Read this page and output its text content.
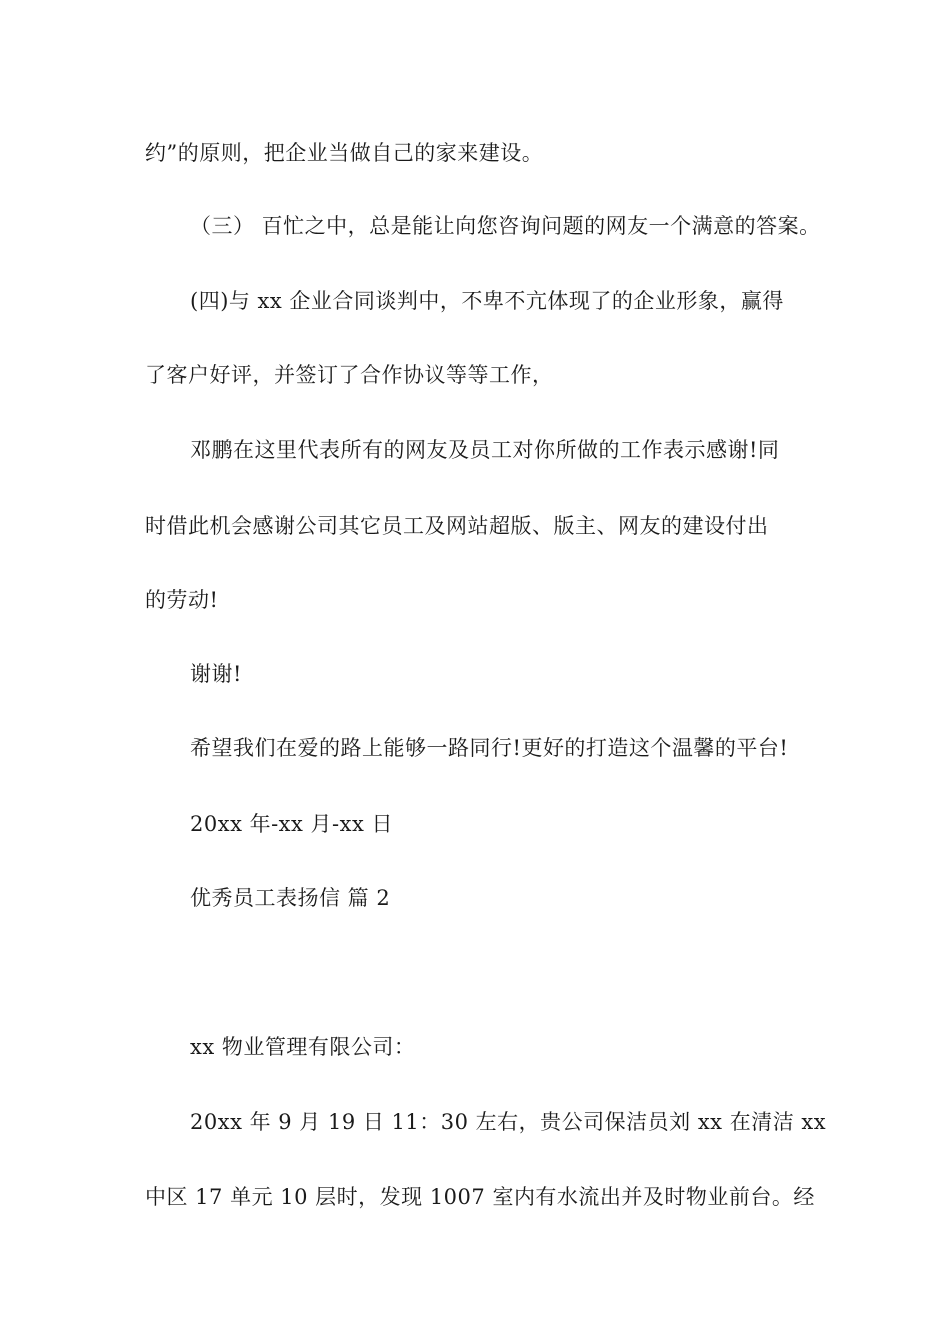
约”的原则，把企业当做自己的家来建设。

（三） 百忙之中，总是能让向您咨询问题的网友一个满意的答案。

(四)与 xx 企业合同谈判中，不卑不亢体现了的企业形象，赢得

了客户好评，并签订了合作协议等等工作，

邓鹏在这里代表所有的网友及员工对你所做的工作表示感谢!同

时借此机会感谢公司其它员工及网站超版、版主、网友的建设付出

的劳动!

谢谢!

希望我们在爱的路上能够一路同行!更好的打造这个温馨的平台!

20xx 年-xx 月-xx 日

优秀员工表扬信 篇 2

xx 物业管理有限公司：

20xx 年 9 月 19 日 11：30 左右，贵公司保洁员刘 xx 在清洁 xx

中区 17 单元 10 层时，发现 1007 室内有水流出并及时物业前台。经
